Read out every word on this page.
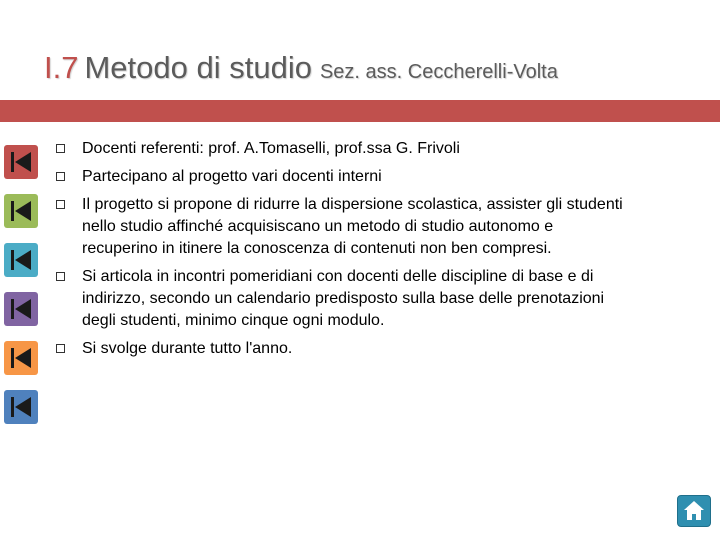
I.7 Metodo di studio Sez. ass. Ceccherelli-Volta
Docenti referenti: prof. A.Tomaselli, prof.ssa G. Frivoli
Partecipano al progetto vari docenti interni
Il progetto si propone di ridurre la dispersione scolastica, assister gli studenti
nello studio affinché acquisiscano un metodo di studio autonomo e
recuperino in itinere la conoscenza di contenuti non ben compresi.
Si articola in incontri pomeridiani con docenti delle discipline di base e di
indirizzo, secondo un calendario predisposto sulla base delle prenotazioni
degli studenti, minimo cinque ogni modulo.
Si svolge durante tutto l'anno.
